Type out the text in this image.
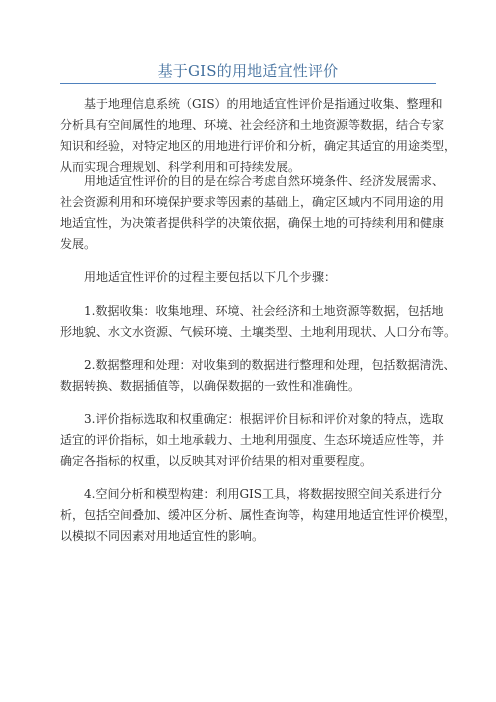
基于GIS的用地适宜性评价
　　基于地理信息系统（GIS）的用地适宜性评价是指通过收集、整理和
分析具有空间属性的地理、环境、社会经济和土地资源等数据，结合专家
知识和经验，对特定地区的用地进行评价和分析，确定其适宜的用途类型，
从而实现合理规划、科学利用和可持续发展。
　　用地适宜性评价的目的是在综合考虑自然环境条件、经济发展需求、
社会资源利用和环境保护要求等因素的基础上，确定区域内不同用途的用
地适宜性，为决策者提供科学的决策依据，确保土地的可持续利用和健康
发展。
　　用地适宜性评价的过程主要包括以下几个步骤：
　　1.数据收集：收集地理、环境、社会经济和土地资源等数据，包括地
形地貌、水文水资源、气候环境、土壤类型、土地利用现状、人口分布等。
　　2.数据整理和处理：对收集到的数据进行整理和处理，包括数据清洗、
数据转换、数据插值等，以确保数据的一致性和准确性。
　　3.评价指标选取和权重确定：根据评价目标和评价对象的特点，选取
适宜的评价指标，如土地承载力、土地利用强度、生态环境适应性等，并
确定各指标的权重，以反映其对评价结果的相对重要程度。
　　4.空间分析和模型构建：利用GIS工具，将数据按照空间关系进行分
析，包括空间叠加、缓冲区分析、属性查询等，构建用地适宜性评价模型，
以模拟不同因素对用地适宜性的影响。
